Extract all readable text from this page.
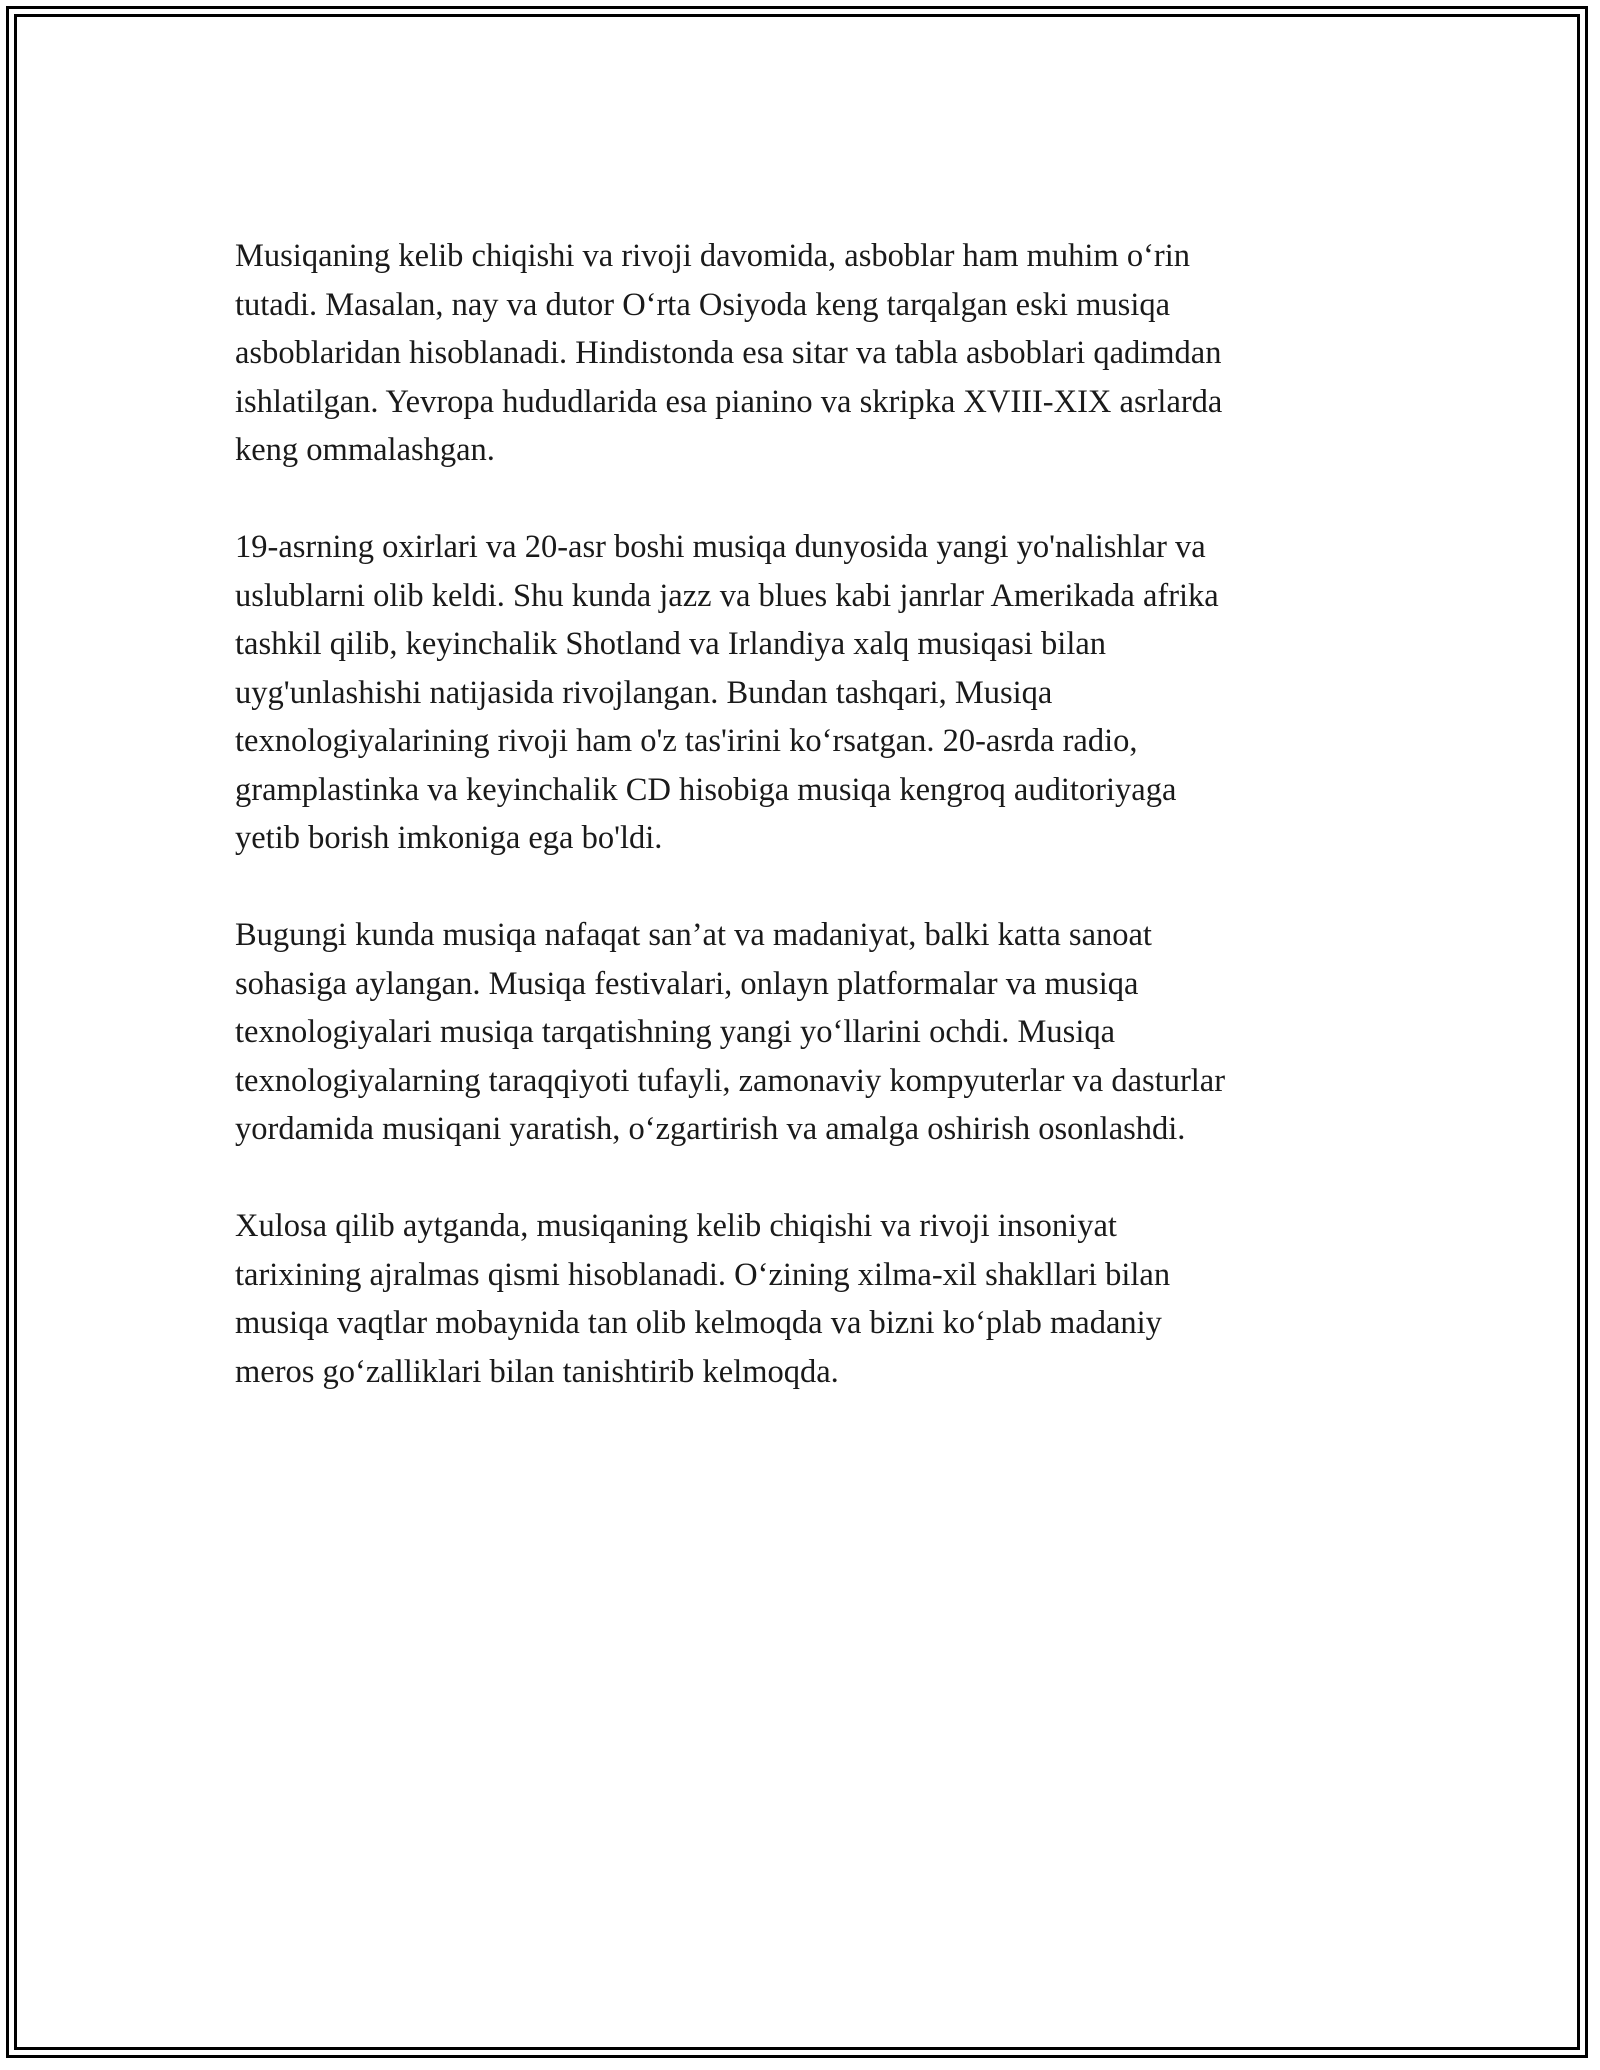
Musiqaning kelib chiqishi va rivoji davomida, asboblar ham muhim o‘rin
tutadi. Masalan, nay va dutor O‘rta Osiyoda keng tarqalgan eski musiqa
asboblaridan hisoblanadi. Hindistonda esa sitar va tabla asboblari qadimdan
ishlatilgan. Yevropa hududlarida esa pianino va skripka XVIII-XIX asrlarda
keng ommalashgan.

19-asrning oxirlari va 20-asr boshi musiqa dunyosida yangi yo'nalishlar va
uslublarni olib keldi. Shu kunda jazz va blues kabi janrlar Amerikada afrika
tashkil qilib, keyinchalik Shotland va Irlandiya xalq musiqasi bilan
uyg'unlashishi natijasida rivojlangan. Bundan tashqari, Musiqa
texnologiyalarining rivoji ham o'z tas'irini ko‘rsatgan. 20-asrda radio,
gramplastinka va keyinchalik CD hisobiga musiqa kengroq auditoriyaga
yetib borish imkoniga ega bo'ldi.

Bugungi kunda musiqa nafaqat san’at va madaniyat, balki katta sanoat
sohasiga aylangan. Musiqa festivalari, onlayn platformalar va musiqa
texnologiyalari musiqa tarqatishning yangi yo‘llarini ochdi. Musiqa
texnologiyalarning taraqqiyoti tufayli, zamonaviy kompyuterlar va dasturlar
yordamida musiqani yaratish, o‘zgartirish va amalga oshirish osonlashdi.

Xulosa qilib aytganda, musiqaning kelib chiqishi va rivoji insoniyat
tarixining ajralmas qismi hisoblanadi. O‘zining xilma-xil shakllari bilan
musiqa vaqtlar mobaynida tan olib kelmoqda va bizni ko‘plab madaniy
meros go‘zalliklari bilan tanishtirib kelmoqda.
